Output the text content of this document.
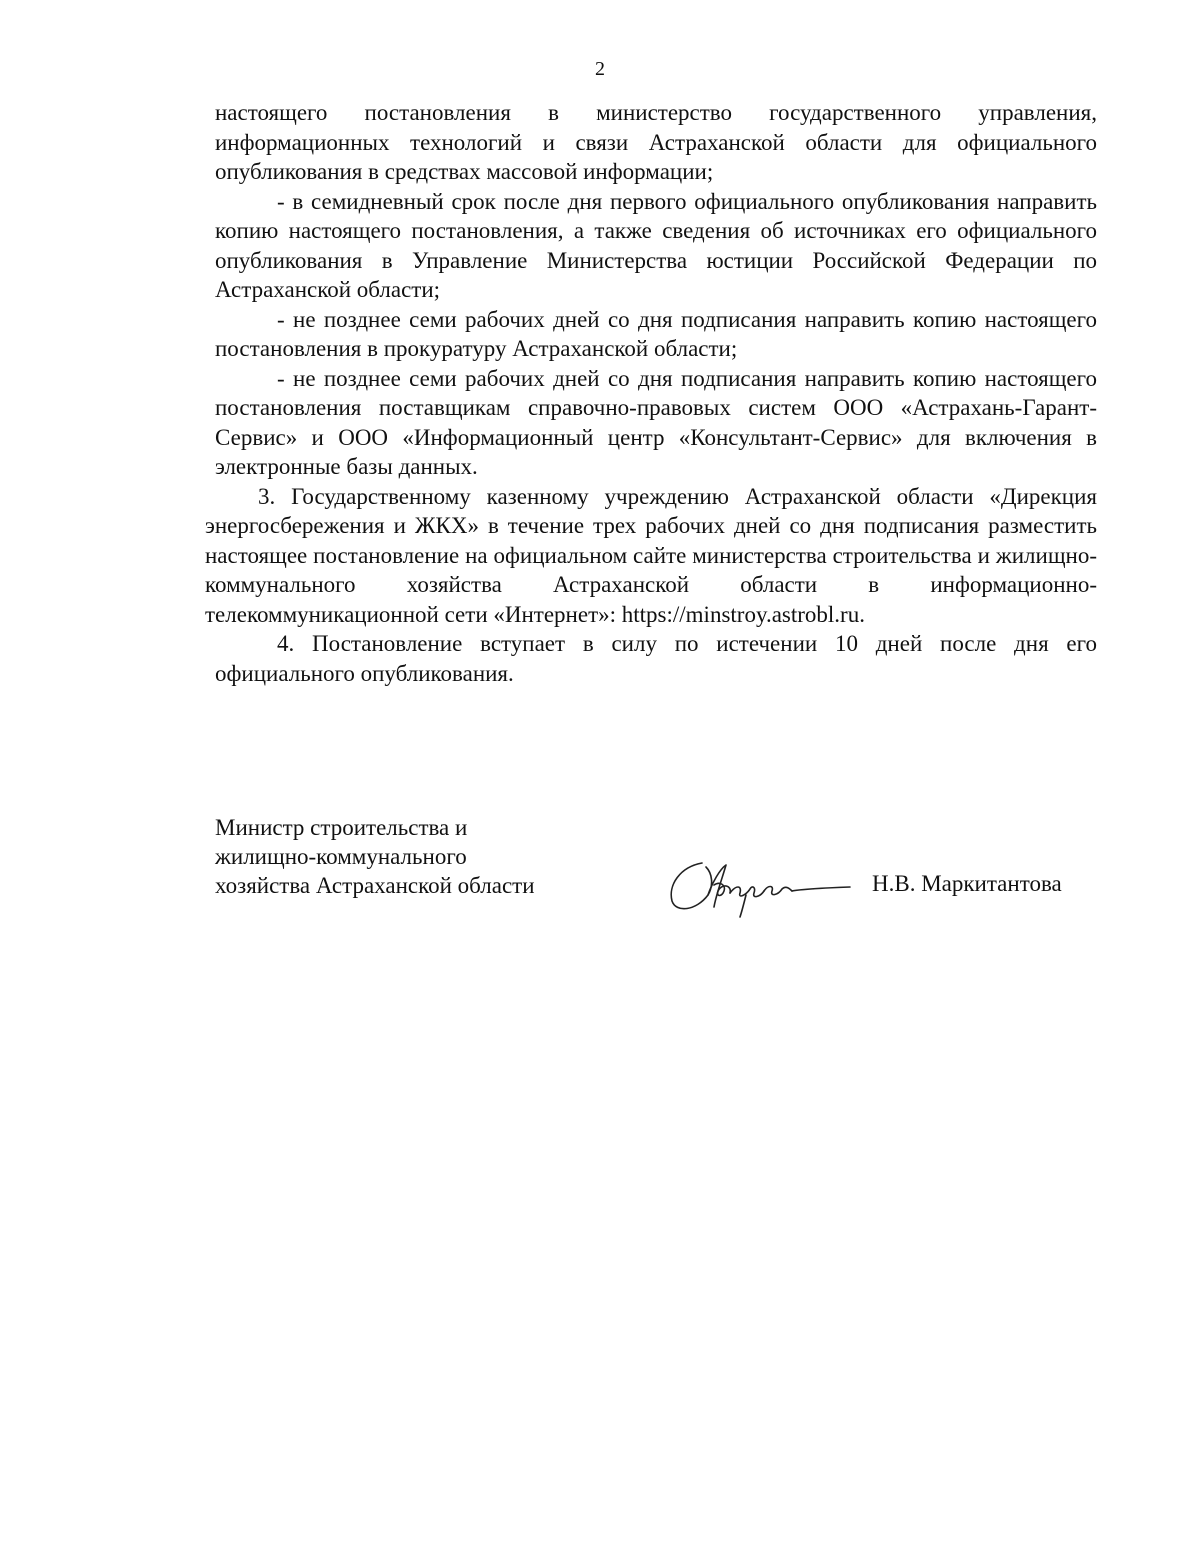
2

настоящего постановления в министерство государственного управления, информационных технологий и связи Астраханской области для официального опубликования в средствах массовой информации;

- в семидневный срок после дня первого официального опубликования направить копию настоящего постановления, а также сведения об источниках его официального опубликования в Управление Министерства юстиции Российской Федерации по Астраханской области;

- не позднее семи рабочих дней со дня подписания направить копию настоящего постановления в прокуратуру Астраханской области;

- не позднее семи рабочих дней со дня подписания направить копию настоящего постановления поставщикам справочно-правовых систем ООО «Астрахань-Гарант-Сервис» и ООО «Информационный центр «Консультант-Сервис» для включения в электронные базы данных.

3. Государственному казенному учреждению Астраханской области «Дирекция энергосбережения и ЖКХ» в течение трех рабочих дней со дня подписания разместить настоящее постановление на официальном сайте министерства строительства и жилищно-коммунального хозяйства Астраханской области в информационно-телекоммуникационной сети «Интернет»: https://minstroy.astrobl.ru.

4. Постановление вступает в силу по истечении 10 дней после дня его официального опубликования.

Министр строительства и
жилищно-коммунального
хозяйства Астраханской области	Н.В. Маркитантова
